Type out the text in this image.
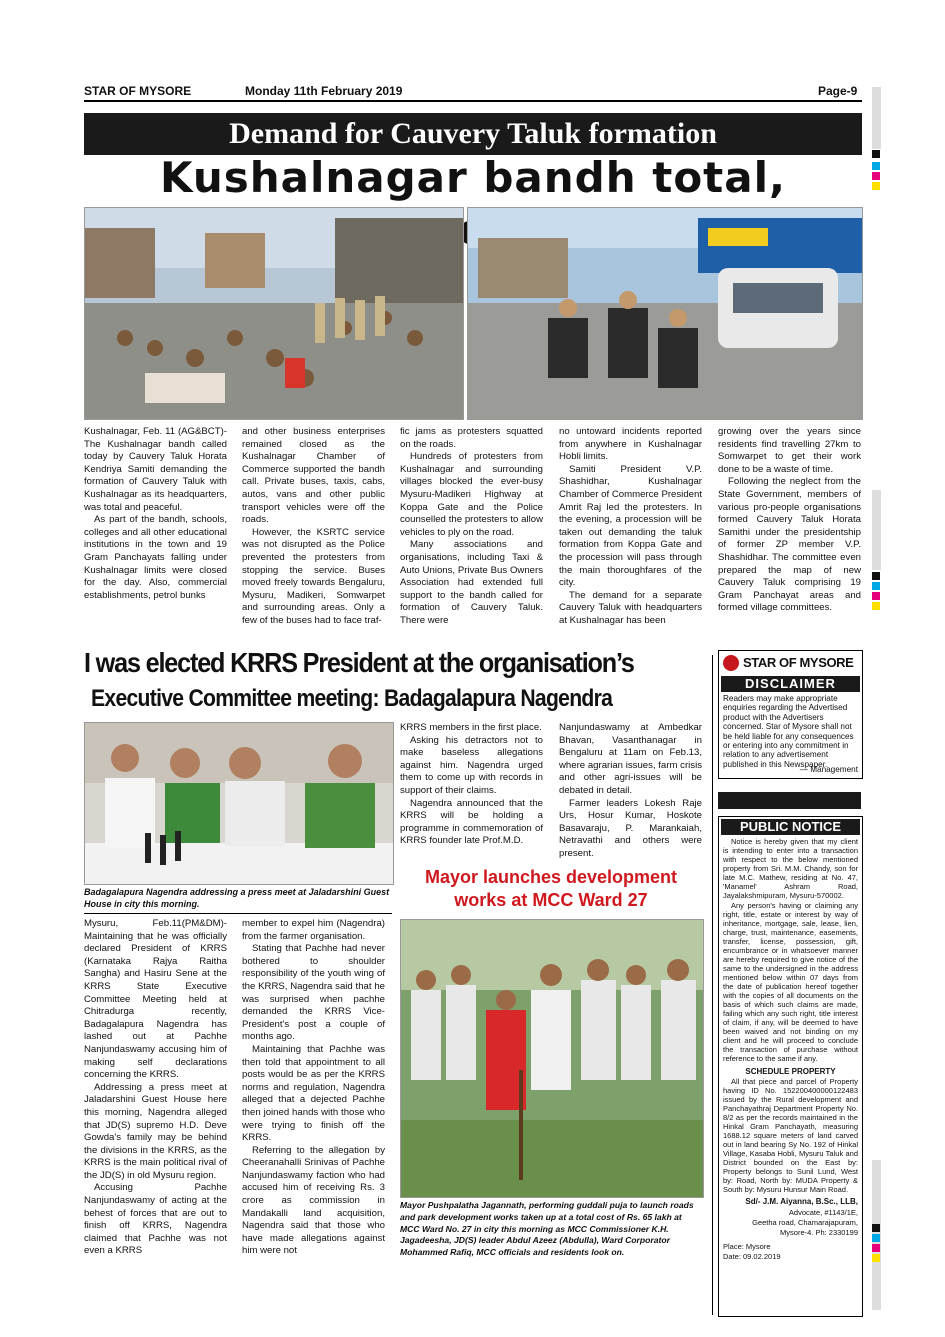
STAR OF MYSORE	Monday 11th February 2019	Page-9
Demand for Cauvery Taluk formation
Kushalnagar bandh total,

Kushalnagar, Feb. 11 (AG&BCT)- The Kushalnagar bandh called today by Cauvery Taluk Horata Kendriya Samiti demanding the formation of Cauvery Taluk with Kushalnagar as its headquarters, was total and peaceful.

As part of the bandh, schools, colleges and all other educational institutions in the town and 19 Gram Panchayats falling under Kushalnagar limits were closed for the day. Also, commercial establishments, petrol bunks

and other business enterprises remained closed as the Kushalnagar Chamber of Commerce supported the bandh call. Private buses, taxis, cabs, autos, vans and other public transport vehicles were off the roads.

However, the KSRTC service was not disrupted as the Police prevented the protesters from stopping the service. Buses moved freely towards Bengaluru, Mysuru, Madikeri, Somwarpet and surrounding areas. Only a few of the buses had to face traf-

fic jams as protesters squatted on the roads.

Hundreds of protesters from Kushalnagar and surrounding villages blocked the ever-busy Mysuru-Madikeri Highway at Koppa Gate and the Police counselled the protesters to allow vehicles to ply on the road.

Many associations and organisations, including Taxi & Auto Unions, Private Bus Owners Association had extended full support to the bandh called for formation of Cauvery Taluk. There were

no untoward incidents reported from anywhere in Kushalnagar Hobli limits.

Samiti President V.P. Shashidhar, Kushalnagar Chamber of Commerce President Amrit Raj led the protesters. In the evening, a procession will be taken out demanding the taluk formation from Koppa Gate and the procession will pass through the main thoroughfares of the city.

The demand for a separate Cauvery Taluk with headquarters at Kushalnagar has been

growing over the years since residents find travelling 27km to Somwarpet to get their work done to be a waste of time.

Following the neglect from the State Government, members of various pro-people organisations formed Cauvery Taluk Horata Samithi under the presidentship of former ZP member V.P. Shashidhar. The committee even prepared the map of new Cauvery Taluk comprising 19 Gram Panchayat areas and formed village committees.

I was elected KRRS President at the organisation’s
Executive Committee meeting: Badagalapura Nagendra
Badagalapura Nagendra addressing a press meet at Jaladarshini Guest House in city this morning.

Mysuru, Feb.11(PM&DM)- Maintaining that he was officially declared President of KRRS (Karnataka Rajya Raitha Sangha) and Hasiru Sene at the KRRS State Executive Committee Meeting held at Chitradurga recently, Badagalapura Nagendra has lashed out at Pachhe Nanjundaswamy accusing him of making self declarations concerning the KRRS.

Addressing a press meet at Jaladarshini Guest House here this morning, Nagendra alleged that JD(S) supremo H.D. Deve Gowda's family may be behind the divisions in the KRRS, as the KRRS is the main political rival of the JD(S) in old Mysuru region.

Accusing Pachhe Nanjundaswamy of acting at the behest of forces that are out to finish off KRRS, Nagendra claimed that Pachhe was not even a KRRS

member to expel him (Nagendra) from the farmer organisation.

Stating that Pachhe had never bothered to shoulder responsibility of the youth wing of the KRRS, Nagendra said that he was surprised when pachhe demanded the KRRS Vice-President's post a couple of months ago.

Maintaining that Pachhe was then told that appointment to all posts would be as per the KRRS norms and regulation, Nagendra alleged that a dejected Pachhe then joined hands with those who were trying to finish off the KRRS.

Referring to the allegation by Cheeranahalli Srinivas of Pachhe Nanjundaswamy faction who had accused him of receiving Rs. 3 crore as commission in Mandakalli land acquisition, Nagendra said that those who have made allegations against him were not

KRRS members in the first place.

Asking his detractors not to make baseless allegations against him. Nagendra urged them to come up with records in support of their claims.

Nagendra announced that the KRRS will be holding a programme in commemoration of KRRS founder late Prof.M.D.

Nanjundaswamy at Ambedkar Bhavan, Vasanthanagar in Bengaluru at 11am on Feb.13, where agrarian issues, farm crisis and other agri-issues will be debated in detail.

Farmer leaders Lokesh Raje Urs, Hosur Kumar, Hoskote Basavaraju, P. Marankaiah, Netravathi and others were present.

Mayor launches development
works at MCC Ward 27
Mayor Pushpalatha Jagannath, performing guddali puja to launch roads and park development works taken up at a total cost of Rs. 65 lakh at MCC Ward No. 27 in city this morning as MCC Commissioner K.H. Jagadeesha, JD(S) leader Abdul Azeez (Abdulla), Ward Corporator Mohammed Rafiq, MCC officials and residents look on.
STAR OF MYSORE
DISCLAIMER
Readers may make appropriate enquiries regarding the Advertised product with the Advertisers concerned. Star of Mysore shall not be held liable for any consequences or entering into any commitment in relation to any advertisement published in this Newspaper.
— Management
PUBLIC NOTICE
Notice is hereby given that my client is intending to enter into a transaction with respect to the below mentioned property from Sri. M.M. Chandy, son for late M.C. Mathew, residing at No. 47, 'Manamel' Ashram Road, Jayalakshmipuram, Mysuru-570002.
Any person's having or claiming any right, title, estate or interest by way of inheritance, mortgage, sale, lease, lien, charge, trust, maintenance, easements, transfer, license, possession, gift, encumbrance or in whatsoever manner are hereby required to give notice of the same to the undersigned in the address mentioned below within 07 days from the date of publication hereof together with the copies of all documents on the basis of which such claims are made, failing which any such right, title interest of claim, if any, will be deemed to have been waived and not binding on my client and he will proceed to conclude the transaction of purchase without reference to the same if any.
SCHEDULE PROPERTY
All that piece and parcel of Property having ID No. 152200400000122483 issued by the Rural development and Panchayathraj Department Property No. 8/2 as per the records maintained in the Hinkal Gram Panchayath, measuring 1688.12 square meters of land carved out in land bearing Sy No. 192 of Hinkal Village, Kasaba Hobli, Mysuru Taluk and District bounded on the East by: Property belongs to Sunil Lund, West by: Road, North by: MUDA Property & South by: Mysuru Hunsur Main Road.
Sd/- J.M. Aiyanna, B.Sc., LLB,
Advocate, #1143/1E,
Geetha road, Chamarajapuram,
Mysore-4. Ph: 2330199
Place: Mysore
Date: 09.02.2019
